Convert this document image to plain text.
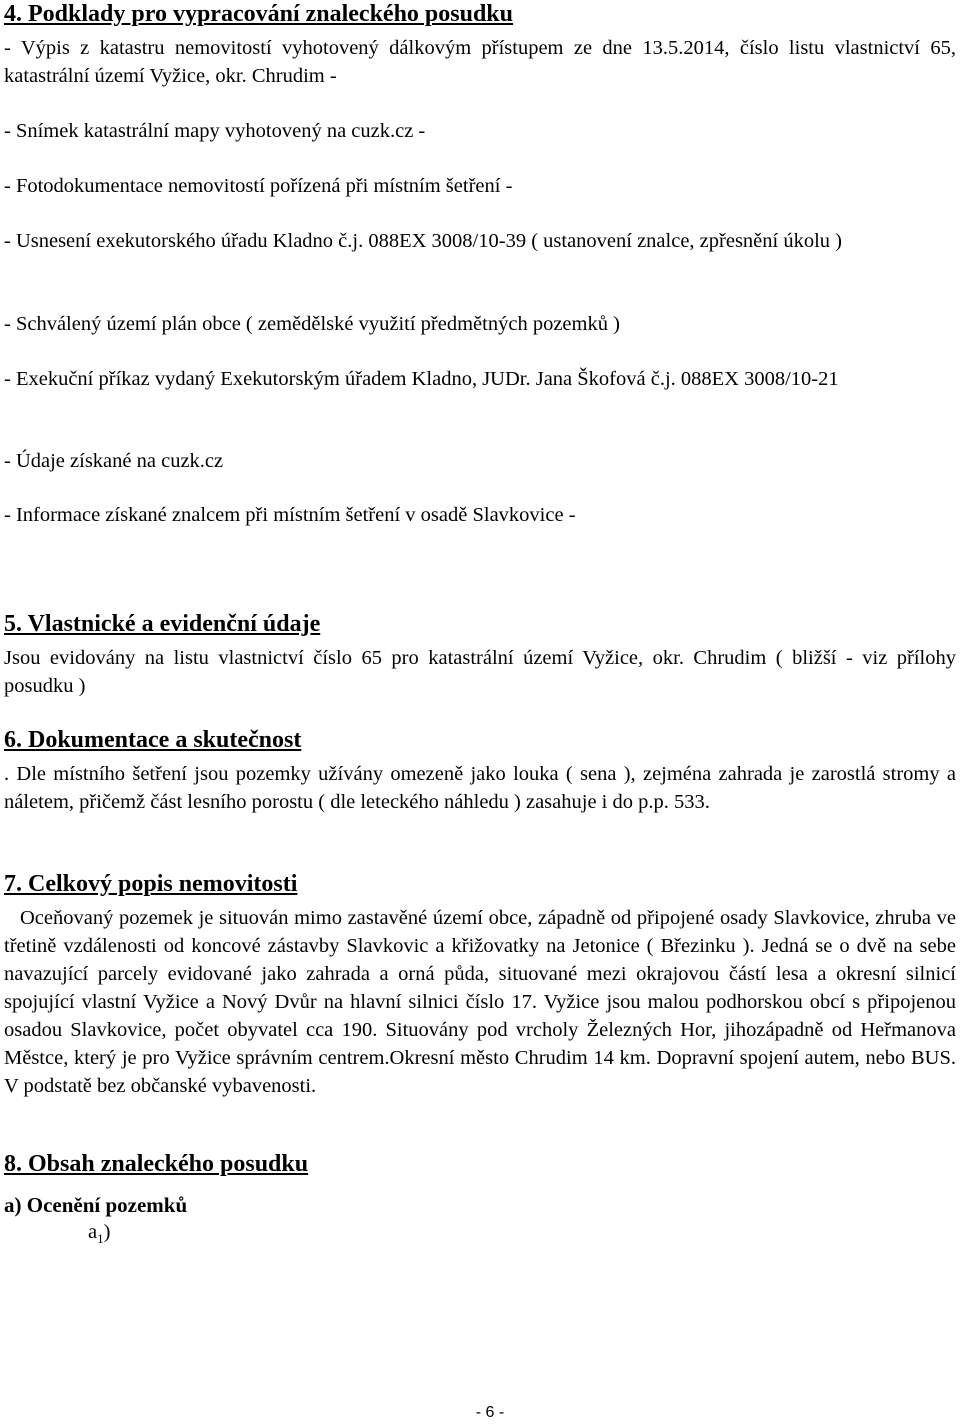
4. Podklady pro vypracování znaleckého posudku

- Výpis z katastru nemovitostí vyhotovený dálkovým přístupem ze dne 13.5.2014, číslo listu vlastnictví 65, katastrální území Vyžice, okr. Chrudim -

- Snímek katastrální mapy vyhotovený na cuzk.cz -

- Fotodokumentace nemovitostí pořízená při místním šetření -

- Usnesení exekutorského úřadu Kladno č.j. 088EX 3008/10-39 ( ustanovení znalce, zpřesnění úkolu )

- Schválený území plán obce ( zemědělské využití předmětných pozemků )

- Exekuční příkaz vydaný Exekutorským úřadem Kladno, JUDr. Jana Škofová č.j. 088EX 3008/10-21

- Údaje získané na cuzk.cz

- Informace získané znalcem při místním šetření v osadě Slavkovice -

5. Vlastnické a evidenční údaje

Jsou evidovány na listu vlastnictví číslo 65 pro katastrální území Vyžice, okr. Chrudim ( bližší - viz přílohy posudku )

6. Dokumentace a skutečnost

. Dle místního šetření jsou pozemky užívány omezeně jako louka ( sena ), zejména zahrada je zarostlá stromy a náletem, přičemž část lesního porostu ( dle leteckého náhledu ) zasahuje i do p.p. 533.

7. Celkový popis nemovitosti

Oceňovaný pozemek je situován mimo zastavěné území obce, západně od připojené osady Slavkovice, zhruba ve třetině vzdálenosti od koncové zástavby Slavkovic a křižovatky na Jetonice ( Březinku ). Jedná se o dvě na sebe navazující parcely evidované jako zahrada a orná půda, situované mezi okrajovou částí lesa a okresní silnicí spojující vlastní Vyžice a Nový Dvůr na hlavní silnici číslo 17. Vyžice jsou malou podhorskou obcí s připojenou osadou Slavkovice, počet obyvatel cca 190. Situovány pod vrcholy Železných Hor, jihozápadně od Heřmanova Městce, který je pro Vyžice správním centrem.Okresní město Chrudim 14 km. Dopravní spojení autem, nebo BUS. V podstatě bez občanské vybavenosti.

8. Obsah znaleckého posudku
a) Ocenění pozemků
$a_1$)
- 6 -
